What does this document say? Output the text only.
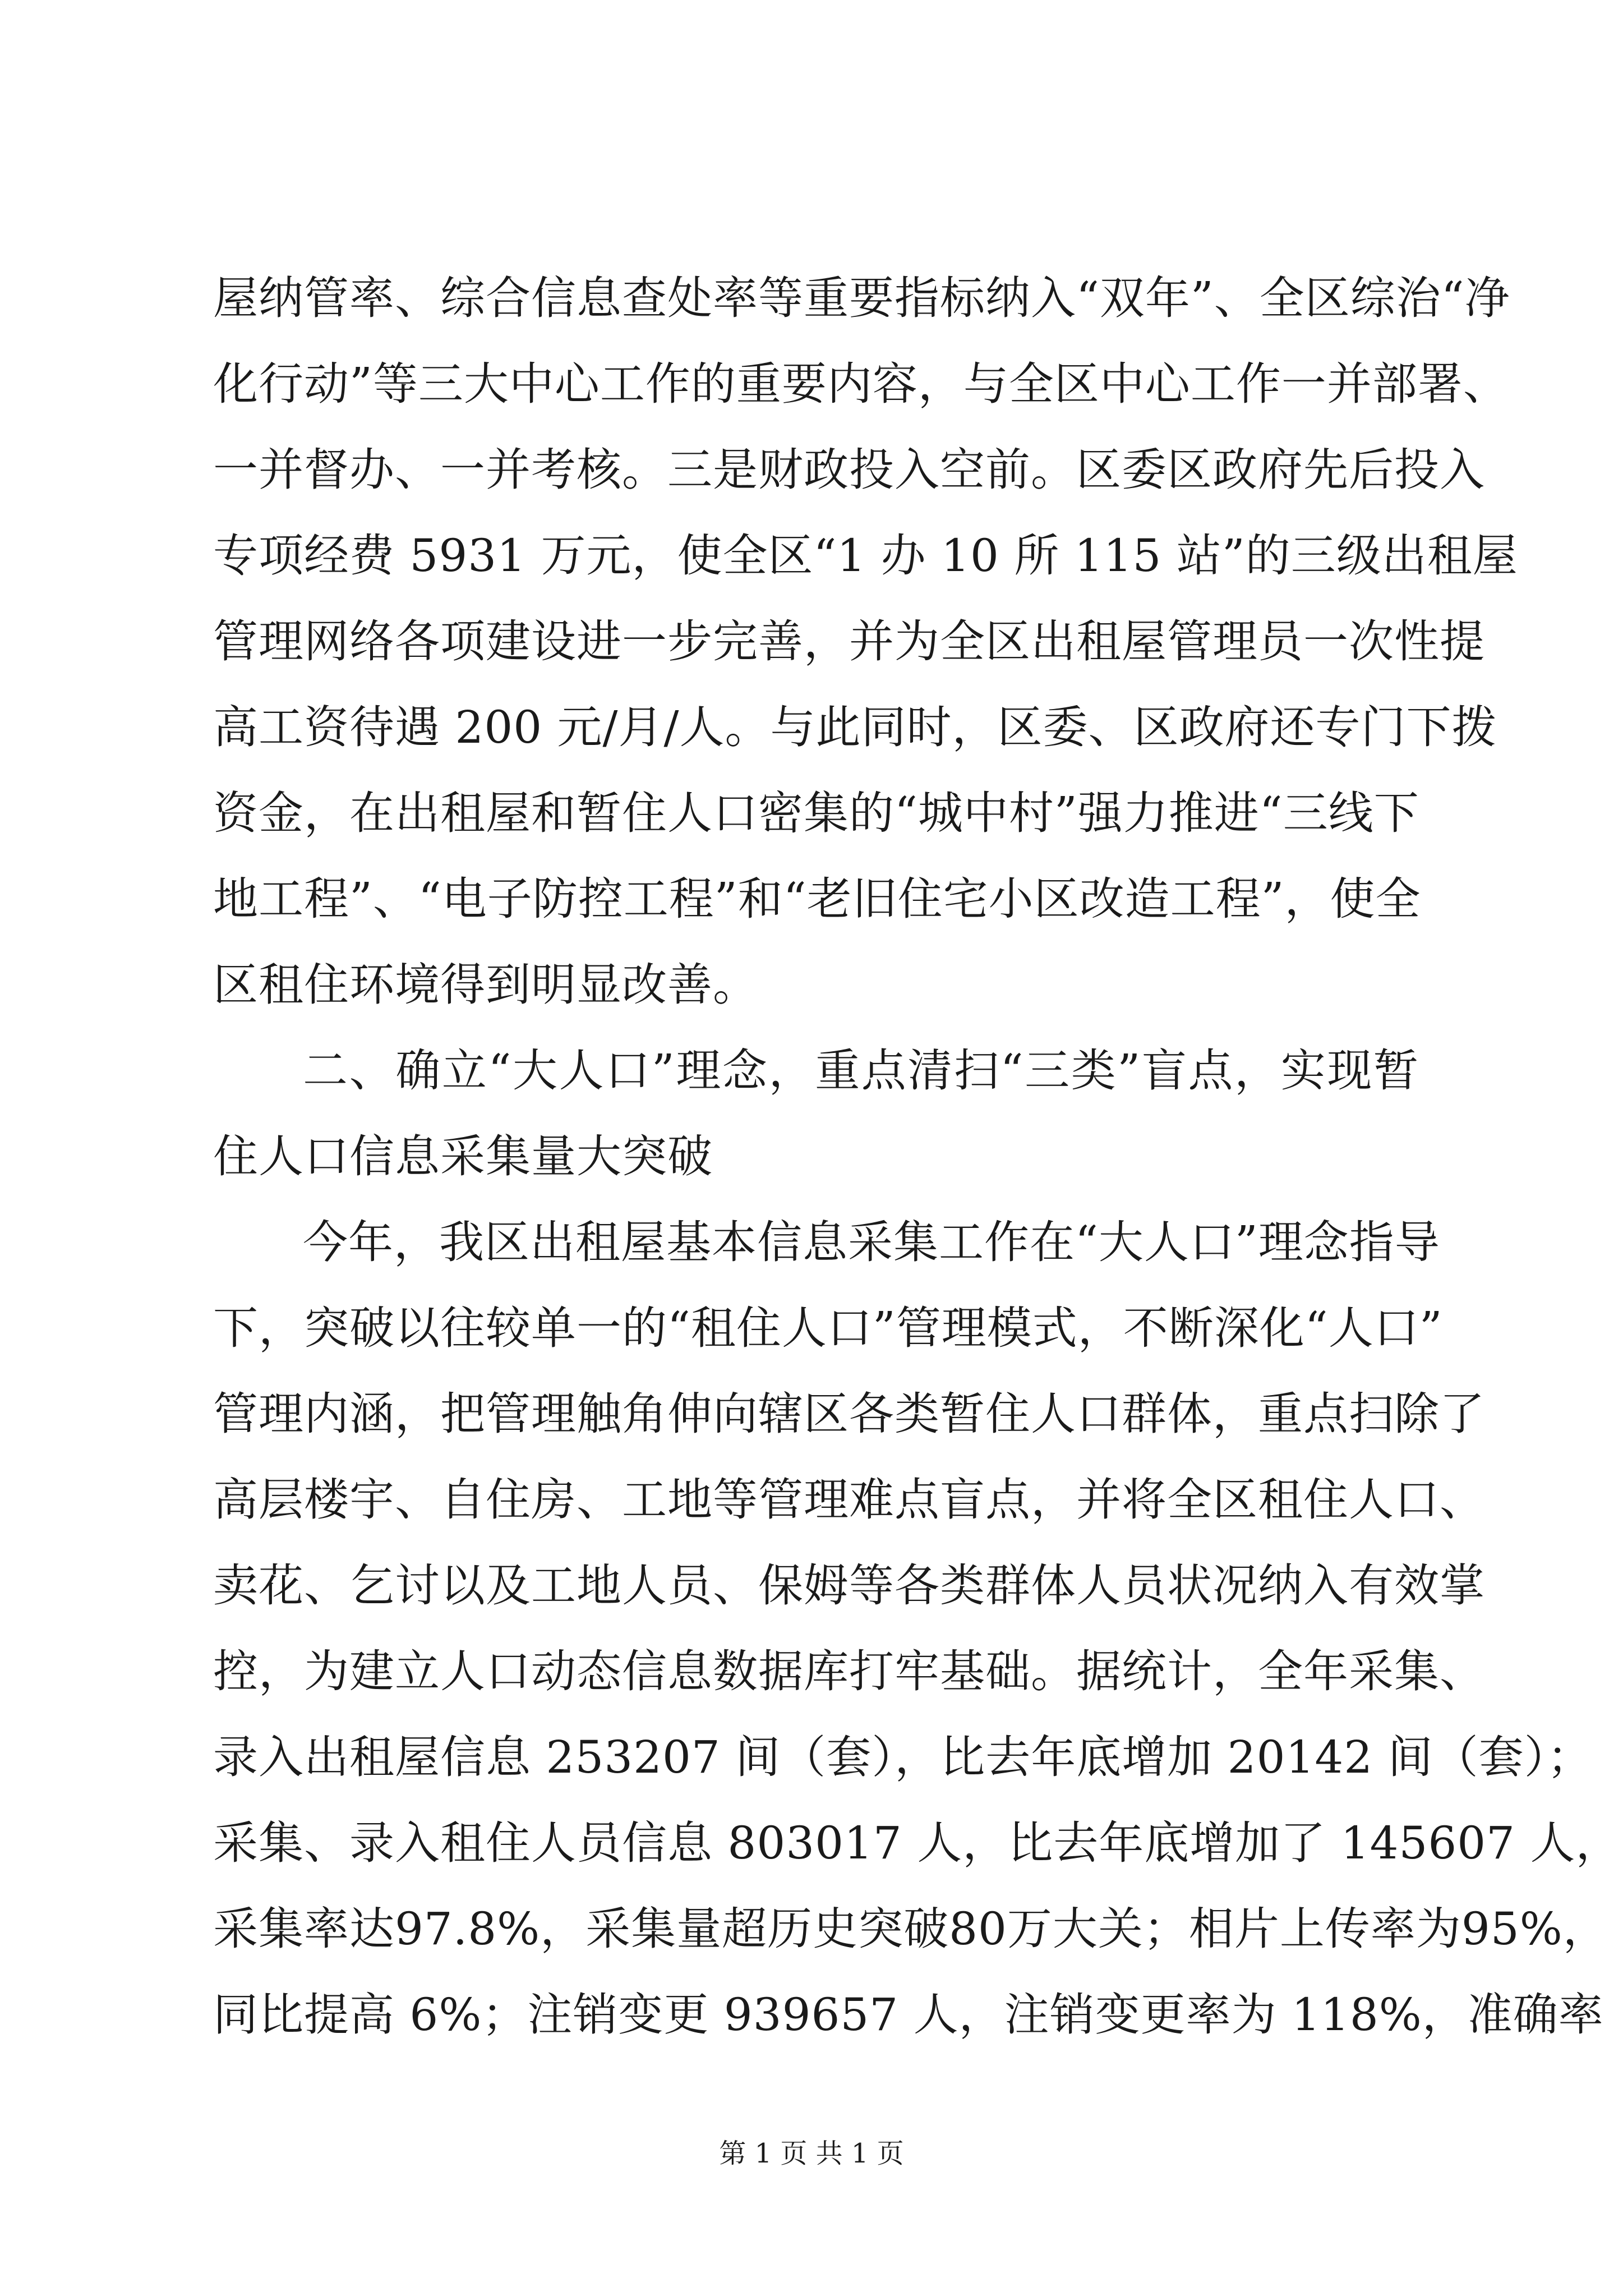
屋纳管率、综合信息查处率等重要指标纳入“双年”、全区综治“净
化行动”等三大中心工作的重要内容，与全区中心工作一并部署、
一并督办、一并考核。三是财政投入空前。区委区政府先后投入
专项经费 5931 万元，使全区“1 办 10 所 115 站”的三级出租屋
管理网络各项建设进一步完善，并为全区出租屋管理员一次性提
高工资待遇 200 元/月/人。与此同时，区委、区政府还专门下拨
资金，在出租屋和暂住人口密集的“城中村”强力推进“三线下
地工程”、“电子防控工程”和“老旧住宅小区改造工程”，使全
区租住环境得到明显改善。
二、确立“大人口”理念，重点清扫“三类”盲点，实现暂
住人口信息采集量大突破
今年，我区出租屋基本信息采集工作在“大人口”理念指导
下，突破以往较单一的“租住人口”管理模式，不断深化“人口”
管理内涵，把管理触角伸向辖区各类暂住人口群体，重点扫除了
高层楼宇、自住房、工地等管理难点盲点，并将全区租住人口、
卖花、乞讨以及工地人员、保姆等各类群体人员状况纳入有效掌
控，为建立人口动态信息数据库打牢基础。据统计，全年采集、
录入出租屋信息 253207 间（套），比去年底增加 20142 间（套）；
采集、录入租住人员信息 803017 人，比去年底增加了 145607 人，
采集率达97.8%，采集量超历史突破80万大关；相片上传率为95%，
同比提高 6%；注销变更 939657 人，注销变更率为 118%，准确率
第 1 页 共 1 页
